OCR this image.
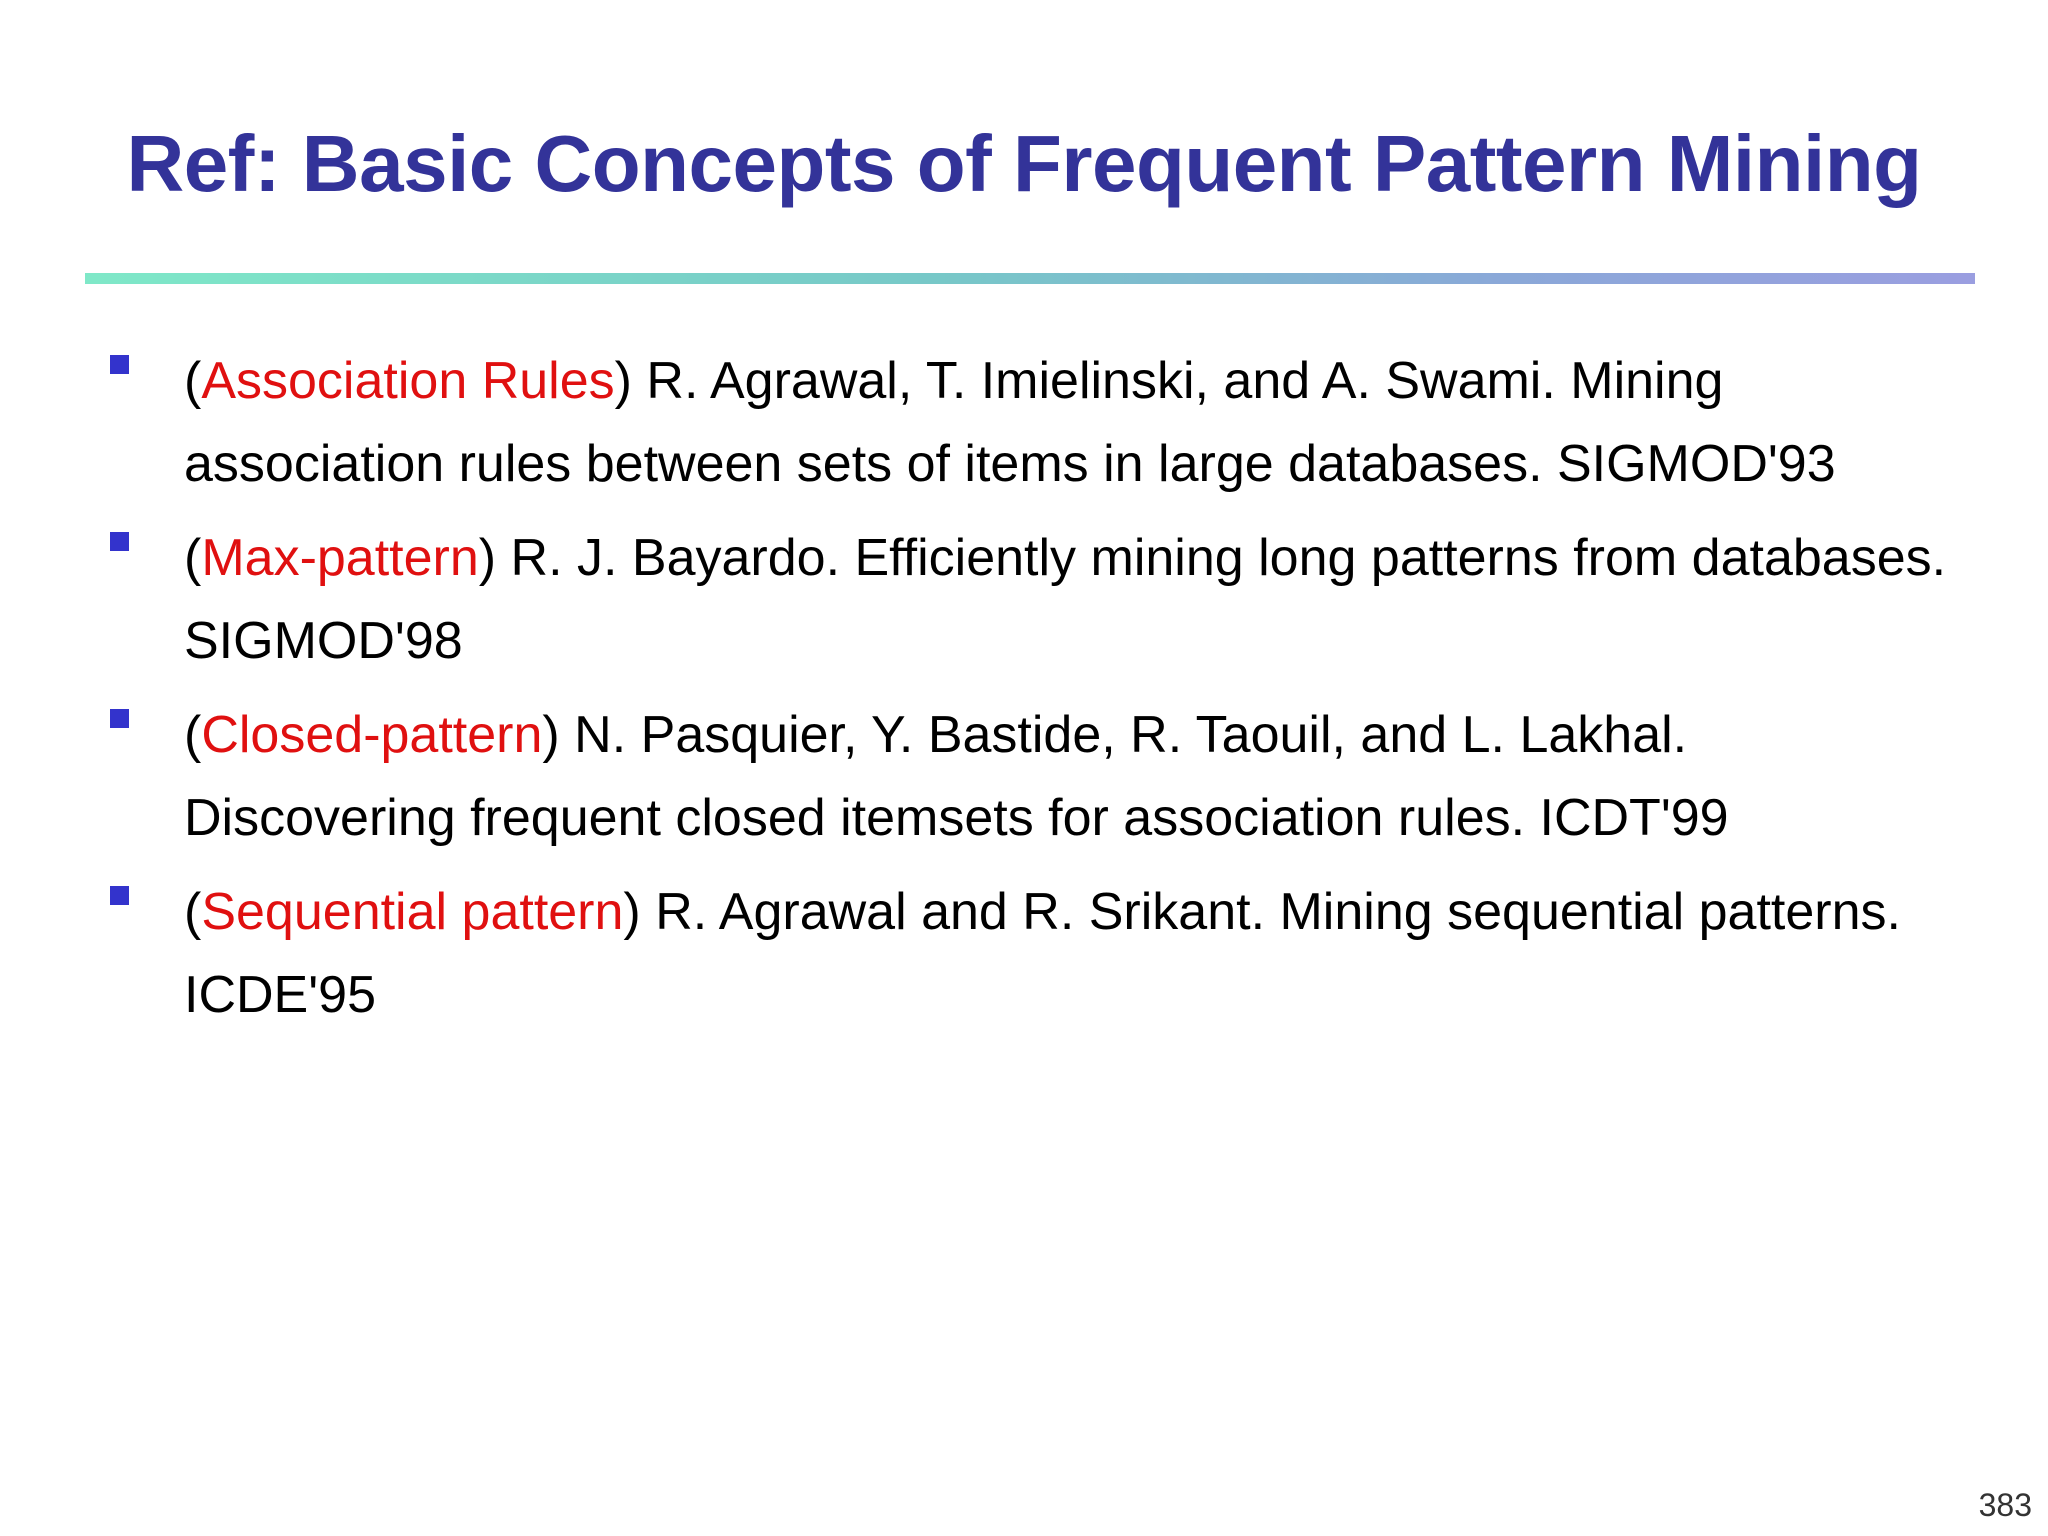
Ref: Basic Concepts of Frequent Pattern Mining

(Association Rules) R. Agrawal, T. Imielinski, and A. Swami. Mining association rules between sets of items in large databases. SIGMOD'93

(Max-pattern) R. J. Bayardo. Efficiently mining long patterns from databases. SIGMOD'98

(Closed-pattern) N. Pasquier, Y. Bastide, R. Taouil, and L. Lakhal. Discovering frequent closed itemsets for association rules. ICDT'99

(Sequential pattern) R. Agrawal and R. Srikant. Mining sequential patterns. ICDE'95

383
